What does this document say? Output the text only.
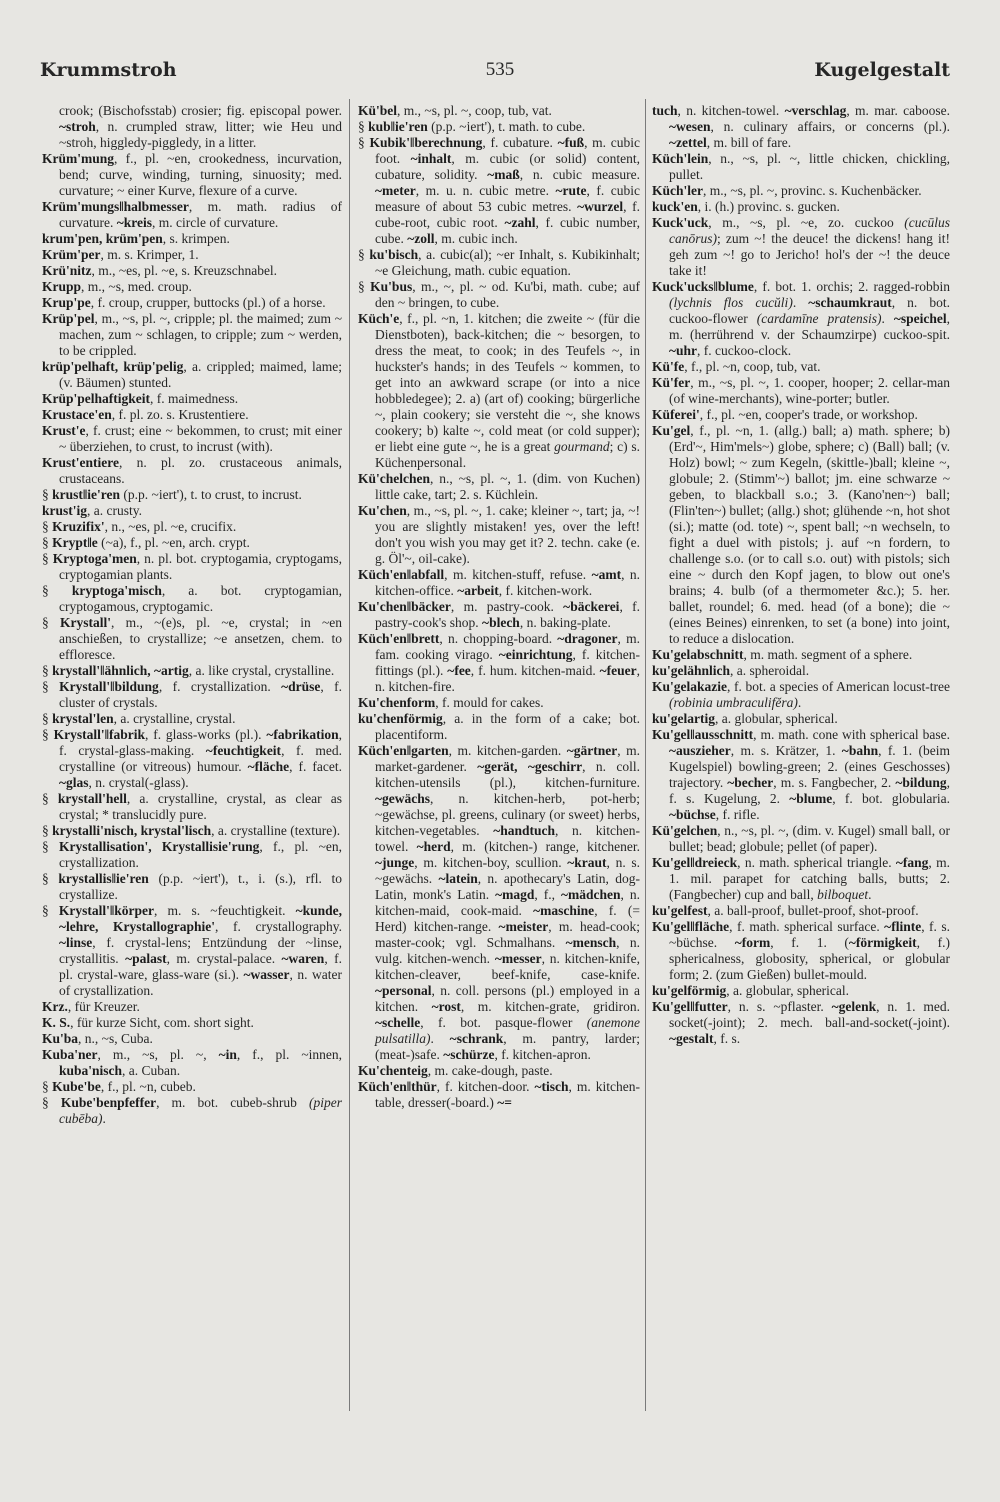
Krummstroh	535	Kugelgestalt

crook; (Bischofsstab) crosier; fig. episcopal power. ~stroh, n. crumpled straw, litter; wie Heu und ~stroh, higgledy-piggledy, in a litter.

Krüm'mung, f., pl. ~en, crookedness, incurvation, bend; curve, winding, turning, sinuosity; med. curvature; ~ einer Kurve, flexure of a curve.

Krüm'mungs‖halbmesser, m. math. radius of curvature. ~kreis, m. circle of curvature.

krum'pen, krüm'pen, s. krimpen.

Krüm'per, m. s. Krimper, 1.

Krü'nitz, m., ~es, pl. ~e, s. Kreuzschnabel.

Krupp, m., ~s, med. croup.

Krup'pe, f. croup, crupper, buttocks (pl.) of a horse.

Krüp'pel, m., ~s, pl. ~, cripple; pl. the maimed; zum ~ machen, zum ~ schlagen, to cripple; zum ~ werden, to be crippled.

krüp'pelhaft, krüp'pelig, a. crippled; maimed, lame; (v. Bäumen) stunted.

Krüp'pelhaftigkeit, f. maimedness.

Krustace'en, f. pl. zo. s. Krustentiere.

Krust'e, f. crust; eine ~ bekommen, to crust; mit einer ~ überziehen, to crust, to incrust (with).

Krust'entiere, n. pl. zo. crustaceous animals, crustaceans.

§ krust‖ie'ren (p.p. ~iert'), t. to crust, to incrust.

krust'ig, a. crusty.

§ Kruzifix', n., ~es, pl. ~e, crucifix.

§ Krypt‖e (~a), f., pl. ~en, arch. crypt.

§ Kryptoga'men, n. pl. bot. cryptogamia, cryptogams, cryptogamian plants.

§ kryptoga'misch, a. bot. cryptogamian, cryptogamous, cryptogamic.

§ Krystall', m., ~(e)s, pl. ~e, crystal; in ~en anschießen, to crystallize; ~e ansetzen, chem. to effloresce.

§ krystall'‖ähnlich, ~artig, a. like crystal, crystalline.

§ Krystall'‖bildung, f. crystallization. ~drüse, f. cluster of crystals.

§ krystal'len, a. crystalline, crystal.

§ Krystall'‖fabrik, f. glass-works (pl.). ~fabrikation, f. crystal-glass-making. ~feuchtigkeit, f. med. crystalline (or vitreous) humour. ~fläche, f. facet. ~glas, n. crystal(-glass).

§ krystall'hell, a. crystalline, crystal, as clear as crystal; * translucidly pure.

§ krystalli'nisch, krystal'lisch, a. crystalline (texture).

§ Krystallisation', Krystallisie'rung, f., pl. ~en, crystallization.

§ krystallis‖ie'ren (p.p. ~iert'), t., i. (s.), rfl. to crystallize.

§ Krystall'‖körper, m. s. ~feuchtigkeit. ~kunde, ~lehre, Krystallographie', f. crystallography. ~linse, f. crystal-lens; Entzündung der ~linse, crystallitis. ~palast, m. crystal-palace. ~waren, f. pl. crystal-ware, glass-ware (si.). ~wasser, n. water of crystallization.

Krz., für Kreuzer.

K. S., für kurze Sicht, com. short sight.

Ku'ba, n., ~s, Cuba.

Kuba'ner, m., ~s, pl. ~, ~in, f., pl. ~innen, kuba'nisch, a. Cuban.

§ Kube'be, f., pl. ~n, cubeb.

§ Kube'benpfeffer, m. bot. cubeb-shrub (piper cubēba).

Kü'bel, m., ~s, pl. ~, coop, tub, vat.

§ kub‖ie'ren (p.p. ~iert'), t. math. to cube.

§ Kubik'‖berechnung, f. cubature. ~fuß, m. cubic foot. ~inhalt, m. cubic (or solid) content, cubature, solidity. ~maß, n. cubic measure. ~meter, m. u. n. cubic metre. ~rute, f. cubic measure of about 53 cubic metres. ~wurzel, f. cube-root, cubic root. ~zahl, f. cubic number, cube. ~zoll, m. cubic inch.

§ ku'bisch, a. cubic(al); ~er Inhalt, s. Kubikinhalt; ~e Gleichung, math. cubic equation.

§ Ku'bus, m., ~, pl. ~ od. Ku'bi, math. cube; auf den ~ bringen, to cube.

Küch'e, f., pl. ~n, 1. kitchen; die zweite ~ (für die Dienstboten), back-kitchen; die ~ besorgen, to dress the meat, to cook; in des Teufels ~, in huckster's hands; in des Teufels ~ kommen, to get into an awkward scrape (or into a nice hobbledegee); 2. a) (art of) cooking; bürgerliche ~, plain cookery; sie versteht die ~, she knows cookery; b) kalte ~, cold meat (or cold supper); er liebt eine gute ~, he is a great gourmand; c) s. Küchenpersonal.

Kü'chelchen, n., ~s, pl. ~, 1. (dim. von Kuchen) little cake, tart; 2. s. Küchlein.

Ku'chen, m., ~s, pl. ~, 1. cake; kleiner ~, tart; ja, ~! you are slightly mistaken! yes, over the left! don't you wish you may get it? 2. techn. cake (e. g. Öl'~, oil-cake).

Küch'en‖abfall, m. kitchen-stuff, refuse. ~amt, n. kitchen-office. ~arbeit, f. kitchen-work.

Ku'chen‖bäcker, m. pastry-cook. ~bäckerei, f. pastry-cook's shop. ~blech, n. baking-plate.

Küch'en‖brett, n. chopping-board. ~dragoner, m. fam. cooking virago. ~einrichtung, f. kitchen-fittings (pl.). ~fee, f. hum. kitchen-maid. ~feuer, n. kitchen-fire.

Ku'chenform, f. mould for cakes.

ku'chenförmig, a. in the form of a cake; bot. placentiform.

Küch'en‖garten, m. kitchen-garden. ~gärtner, m. market-gardener. ~gerät, ~geschirr, n. coll. kitchen-utensils (pl.), kitchen-furniture. ~gewächs, n. kitchen-herb, pot-herb; ~gewächse, pl. greens, culinary (or sweet) herbs, kitchen-vegetables. ~handtuch, n. kitchen-towel. ~herd, m. (kitchen-) range, kitchener. ~junge, m. kitchen-boy, scullion. ~kraut, n. s. ~gewächs. ~latein, n. apothecary's Latin, dog-Latin, monk's Latin. ~magd, f., ~mädchen, n. kitchen-maid, cook-maid. ~maschine, f. (= Herd) kitchen-range. ~meister, m. head-cook; master-cook; vgl. Schmalhans. ~mensch, n. vulg. kitchen-wench. ~messer, n. kitchen-knife, kitchen-cleaver, beef-knife, case-knife. ~personal, n. coll. persons (pl.) employed in a kitchen. ~rost, m. kitchen-grate, gridiron. ~schelle, f. bot. pasque-flower (anemone pulsatilla). ~schrank, m. pantry, larder; (meat-)safe. ~schürze, f. kitchen-apron.

Ku'chenteig, m. cake-dough, paste.

Küch'en‖thür, f. kitchen-door. ~tisch, m. kitchen-table, dresser(-board.) ~=

tuch, n. kitchen-towel. ~verschlag, m. mar. caboose. ~wesen, n. culinary affairs, or concerns (pl.). ~zettel, m. bill of fare.

Küch'lein, n., ~s, pl. ~, little chicken, chickling, pullet.

Küch'ler, m., ~s, pl. ~, provinc. s. Kuchenbäcker.

kuck'en, i. (h.) provinc. s. gucken.

Kuck'uck, m., ~s, pl. ~e, zo. cuckoo (cucūlus canōrus); zum ~! the deuce! the dickens! hang it! geh zum ~! go to Jericho! hol's der ~! the deuce take it!

Kuck'ucks‖blume, f. bot. 1. orchis; 2. ragged-robbin (lychnis flos cucŭli). ~schaumkraut, n. bot. cuckoo-flower (cardamīne pratensis). ~speichel, m. (herrührend v. der Schaumzirpe) cuckoo-spit. ~uhr, f. cuckoo-clock.

Kü'fe, f., pl. ~n, coop, tub, vat.

Kü'fer, m., ~s, pl. ~, 1. cooper, hooper; 2. cellar-man (of wine-merchants), wine-porter; butler.

Küferei', f., pl. ~en, cooper's trade, or workshop.

Ku'gel, f., pl. ~n, 1. (allg.) ball; a) math. sphere; b) (Erd'~, Him'mels~) globe, sphere; c) (Ball) ball; (v. Holz) bowl; ~ zum Kegeln, (skittle-)ball; kleine ~, globule; 2. (Stimm'~) ballot; jm. eine schwarze ~ geben, to blackball s.o.; 3. (Kano'nen~) ball; (Flin'ten~) bullet; (allg.) shot; glühende ~n, hot shot (si.); matte (od. tote) ~, spent ball; ~n wechseln, to fight a duel with pistols; j. auf ~n fordern, to challenge s.o. (or to call s.o. out) with pistols; sich eine ~ durch den Kopf jagen, to blow out one's brains; 4. bulb (of a thermometer &c.); 5. her. ballet, roundel; 6. med. head (of a bone); die ~ (eines Beines) einrenken, to set (a bone) into joint, to reduce a dislocation.

Ku'gelabschnitt, m. math. segment of a sphere.

ku'gelähnlich, a. spheroidal.

Ku'gelakazie, f. bot. a species of American locust-tree (robinia umbraculifĕra).

ku'gelartig, a. globular, spherical.

Ku'gel‖ausschnitt, m. math. cone with spherical base. ~auszieher, m. s. Krätzer, 1. ~bahn, f. 1. (beim Kugelspiel) bowling-green; 2. (eines Geschosses) trajectory. ~becher, m. s. Fangbecher, 2. ~bildung, f. s. Kugelung, 2. ~blume, f. bot. globularia. ~büchse, f. rifle.

Kü'gelchen, n., ~s, pl. ~, (dim. v. Kugel) small ball, or bullet; bead; globule; pellet (of paper).

Ku'gel‖dreieck, n. math. spherical triangle. ~fang, m. 1. mil. parapet for catching balls, butts; 2. (Fangbecher) cup and ball, bilboquet.

ku'gelfest, a. ball-proof, bullet-proof, shot-proof.

Ku'gel‖fläche, f. math. spherical surface. ~flinte, f. s. ~büchse. ~form, f. 1. (~förmigkeit, f.) sphericalness, globosity, spherical, or globular form; 2. (zum Gießen) bullet-mould.

ku'gelförmig, a. globular, spherical.

Ku'gel‖futter, n. s. ~pflaster. ~gelenk, n. 1. med. socket(-joint); 2. mech. ball-and-socket(-joint). ~gestalt, f. s.
